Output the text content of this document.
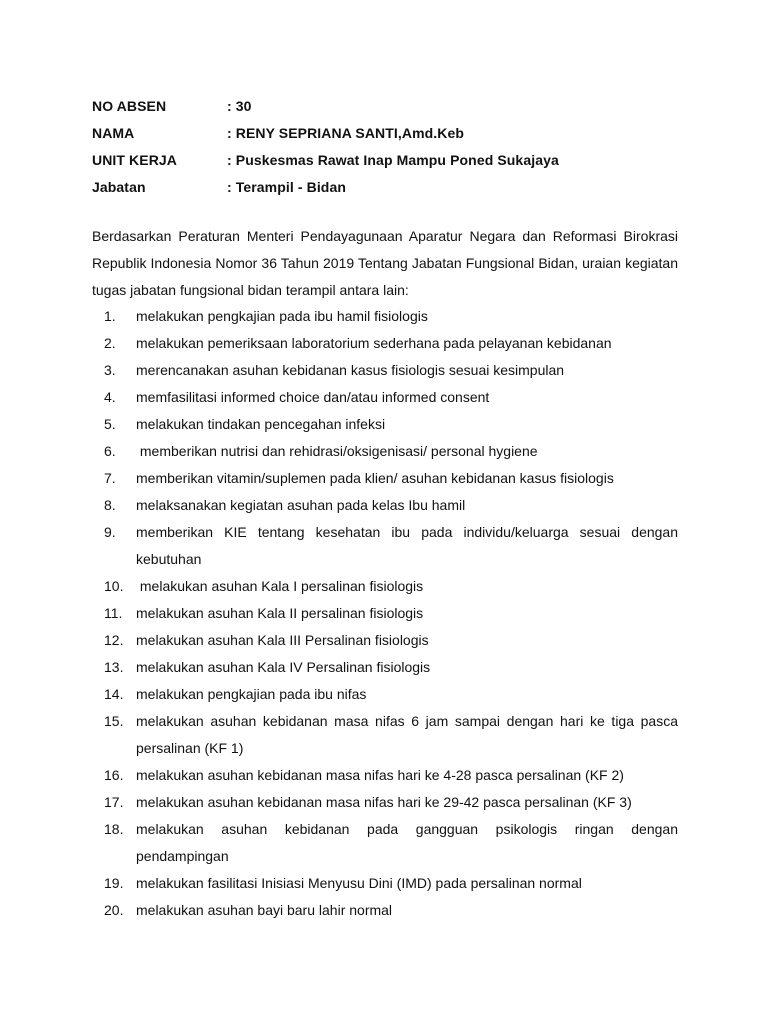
NO ABSEN	: 30
NAMA	: RENY SEPRIANA SANTI,Amd.Keb
UNIT KERJA	: Puskesmas Rawat Inap Mampu Poned Sukajaya
Jabatan	: Terampil - Bidan

Berdasarkan Peraturan Menteri Pendayagunaan Aparatur Negara dan Reformasi Birokrasi Republik Indonesia Nomor 36 Tahun 2019 Tentang Jabatan Fungsional Bidan, uraian kegiatan tugas jabatan fungsional bidan terampil antara lain:

1.	melakukan pengkajian pada ibu hamil fisiologis
2.	melakukan pemeriksaan laboratorium sederhana pada pelayanan kebidanan
3.	merencanakan asuhan kebidanan kasus fisiologis sesuai kesimpulan
4.	memfasilitasi informed choice dan/atau informed consent
5.	melakukan tindakan pencegahan infeksi
6.	memberikan nutrisi dan rehidrasi/oksigenisasi/ personal hygiene
7.	memberikan vitamin/suplemen pada klien/ asuhan kebidanan kasus fisiologis
8.	melaksanakan kegiatan asuhan pada kelas Ibu hamil
9.	memberikan KIE tentang kesehatan ibu pada individu/keluarga sesuai dengan kebutuhan
10. melakukan asuhan Kala I persalinan fisiologis
11. melakukan asuhan Kala II persalinan fisiologis
12. melakukan asuhan Kala III Persalinan fisiologis
13. melakukan asuhan Kala IV Persalinan fisiologis
14. melakukan pengkajian pada ibu nifas
15. melakukan asuhan kebidanan masa nifas 6 jam sampai dengan hari ke tiga pasca persalinan (KF 1)
16. melakukan asuhan kebidanan masa nifas hari ke 4-28 pasca persalinan (KF 2)
17. melakukan asuhan kebidanan masa nifas hari ke 29-42 pasca persalinan (KF 3)
18. melakukan asuhan kebidanan pada gangguan psikologis ringan dengan pendampingan
19. melakukan fasilitasi Inisiasi Menyusu Dini (IMD) pada persalinan normal
20. melakukan asuhan bayi baru lahir normal
